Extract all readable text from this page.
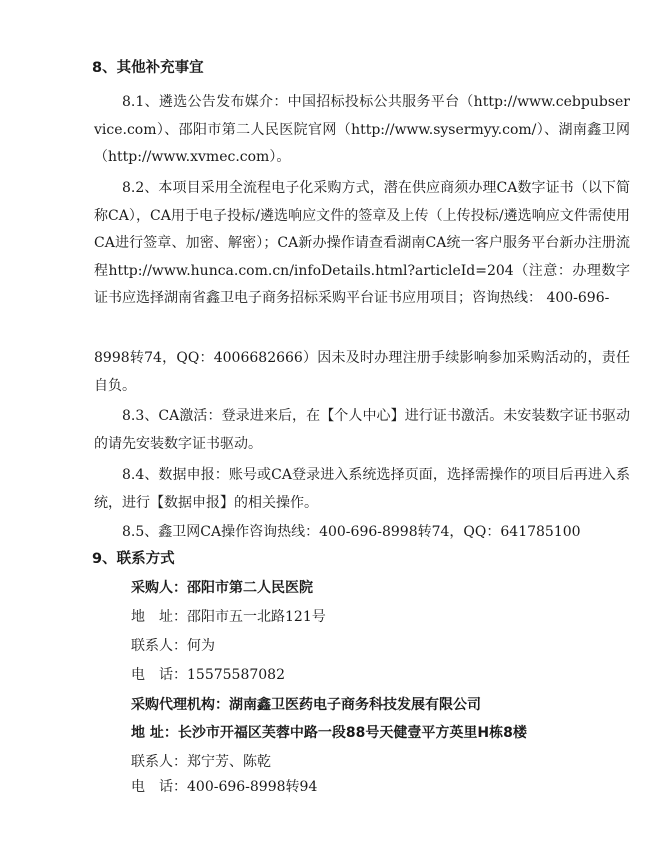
8、其他补充事宜
8.1、遴选公告发布媒介：中国招标投标公共服务平台（http://www.cebpubservice.com）、邵阳市第二人民医院官网（http://www.sysermyy.com/）、湖南鑫卫网（http://www.xvmec.com）。
8.2、本项目采用全流程电子化采购方式，潜在供应商须办理CA数字证书（以下简称CA），CA用于电子投标/遴选响应文件的签章及上传（上传投标/遴选响应文件需使用CA进行签章、加密、解密）；CA新办操作请查看湖南CA统一客户服务平台新办注册流程http://www.hunca.com.cn/infoDetails.html?articleId=204（注意：办理数字证书应选择湖南省鑫卫电子商务招标采购平台证书应用项目；咨询热线： 400-696-
8998转74，QQ：4006682666）因未及时办理注册手续影响参加采购活动的，责任自负。
8.3、CA激活：登录进来后，在【个人中心】进行证书激活。未安装数字证书驱动的请先安装数字证书驱动。
8.4、数据申报：账号或CA登录进入系统选择页面，选择需操作的项目后再进入系统，进行【数据申报】的相关操作。
8.5、鑫卫网CA操作咨询热线：400-696-8998转74，QQ：641785100
9、联系方式
采购人：邵阳市第二人民医院
地　址：邵阳市五一北路121号
联系人：何为
电　话：15575587082
采购代理机构：湖南鑫卫医药电子商务科技发展有限公司
地 址：长沙市开福区芙蓉中路一段88号天健壹平方英里H栋8楼
联系人：郑宁芳、陈乾
电　话：400-696-8998转94
